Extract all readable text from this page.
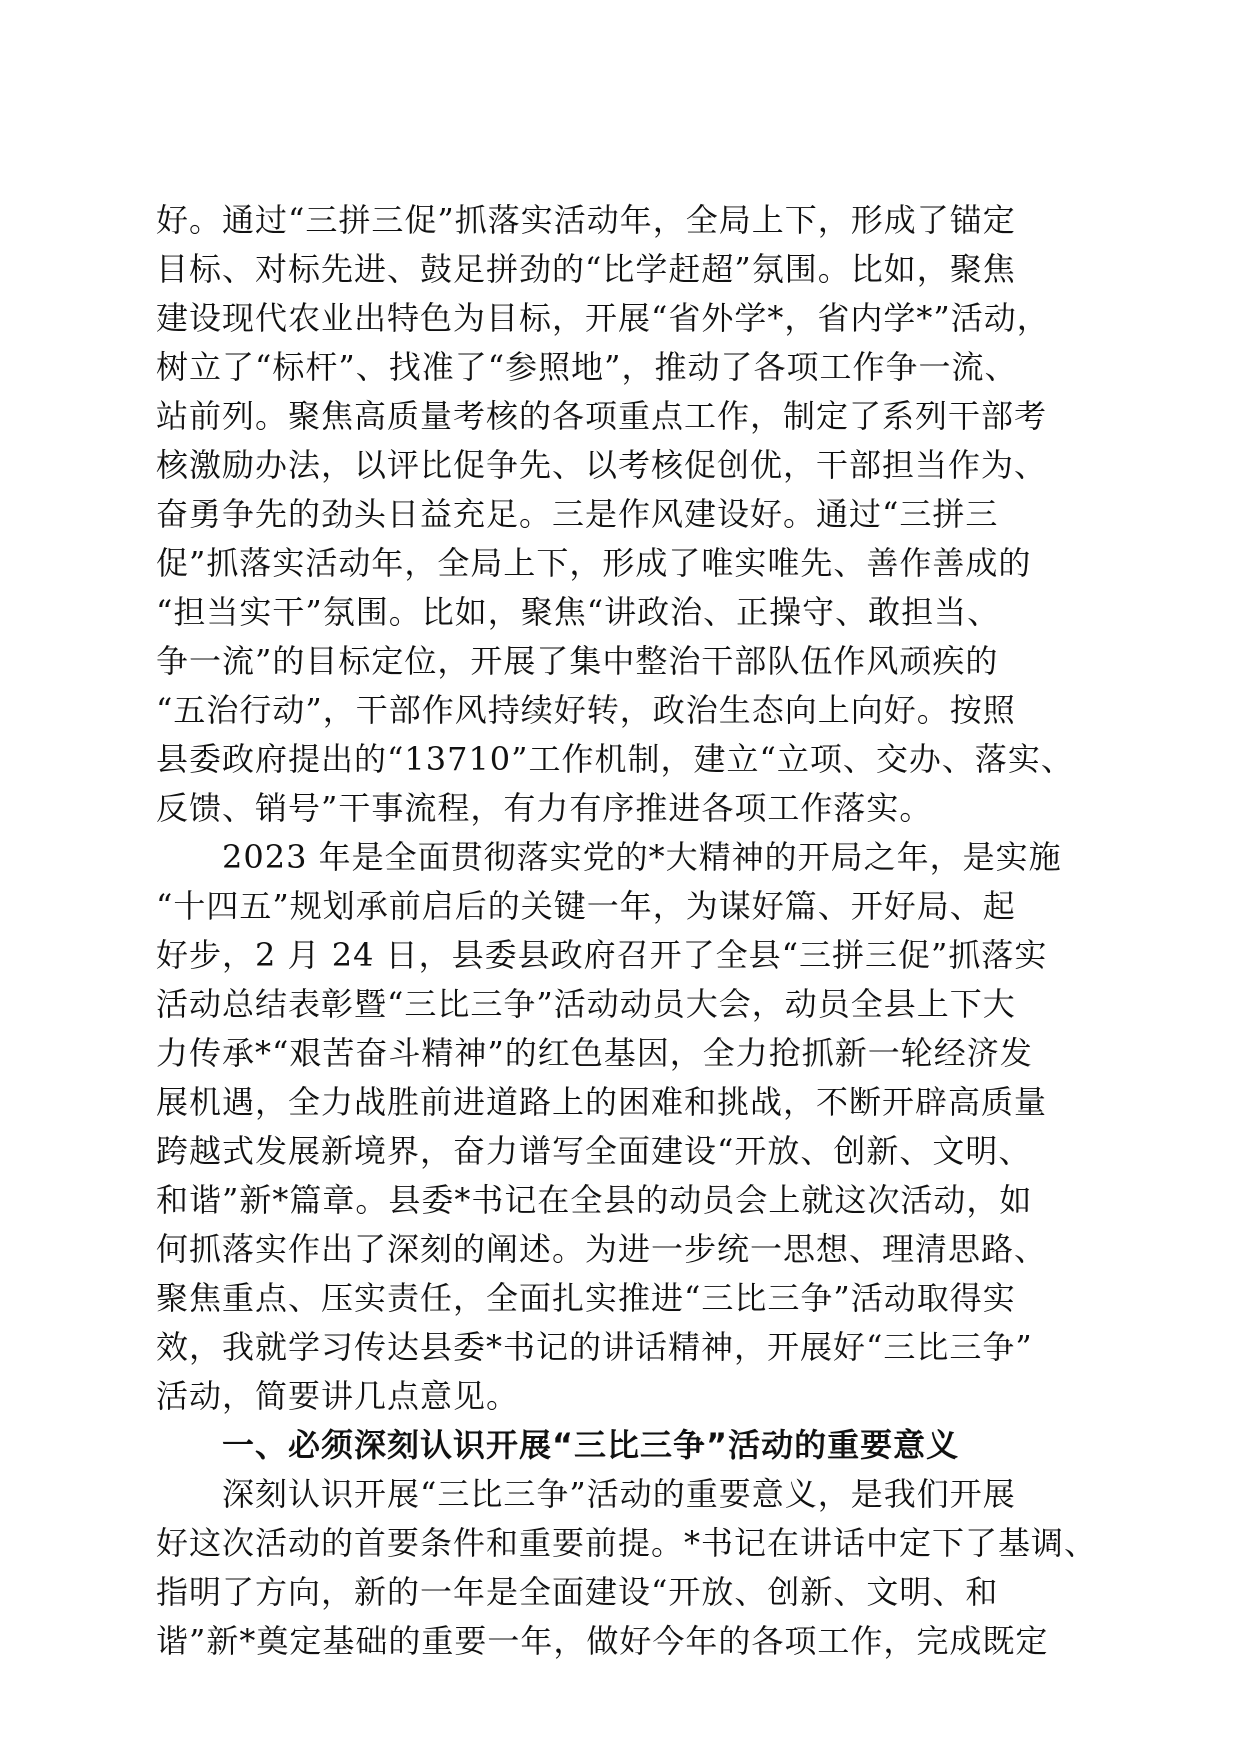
好。通过“三拼三促”抓落实活动年，全局上下，形成了锚定
目标、对标先进、鼓足拼劲的“比学赶超”氛围。比如，聚焦
建设现代农业出特色为目标，开展“省外学*，省内学*”活动，
树立了“标杆”、找准了“参照地”，推动了各项工作争一流、
站前列。聚焦高质量考核的各项重点工作，制定了系列干部考
核激励办法，以评比促争先、以考核促创优，干部担当作为、
奋勇争先的劲头日益充足。三是作风建设好。通过“三拼三
促”抓落实活动年，全局上下，形成了唯实唯先、善作善成的
“担当实干”氛围。比如，聚焦“讲政治、正操守、敢担当、
争一流”的目标定位，开展了集中整治干部队伍作风顽疾的
“五治行动”，干部作风持续好转，政治生态向上向好。按照
县委政府提出的“13710”工作机制，建立“立项、交办、落实、
反馈、销号”干事流程，有力有序推进各项工作落实。
2023 年是全面贯彻落实党的*大精神的开局之年，是实施
“十四五”规划承前启后的关键一年，为谋好篇、开好局、起
好步，2 月 24 日，县委县政府召开了全县“三拼三促”抓落实
活动总结表彰暨“三比三争”活动动员大会，动员全县上下大
力传承*“艰苦奋斗精神”的红色基因，全力抢抓新一轮经济发
展机遇，全力战胜前进道路上的困难和挑战，不断开辟高质量
跨越式发展新境界，奋力谱写全面建设“开放、创新、文明、
和谐”新*篇章。县委*书记在全县的动员会上就这次活动，如
何抓落实作出了深刻的阐述。为进一步统一思想、理清思路、
聚焦重点、压实责任，全面扎实推进“三比三争”活动取得实
效，我就学习传达县委*书记的讲话精神，开展好“三比三争”
活动，简要讲几点意见。
一、必须深刻认识开展“三比三争”活动的重要意义
深刻认识开展“三比三争”活动的重要意义，是我们开展
好这次活动的首要条件和重要前提。*书记在讲话中定下了基调、
指明了方向，新的一年是全面建设“开放、创新、文明、和
谐”新*奠定基础的重要一年，做好今年的各项工作，完成既定
